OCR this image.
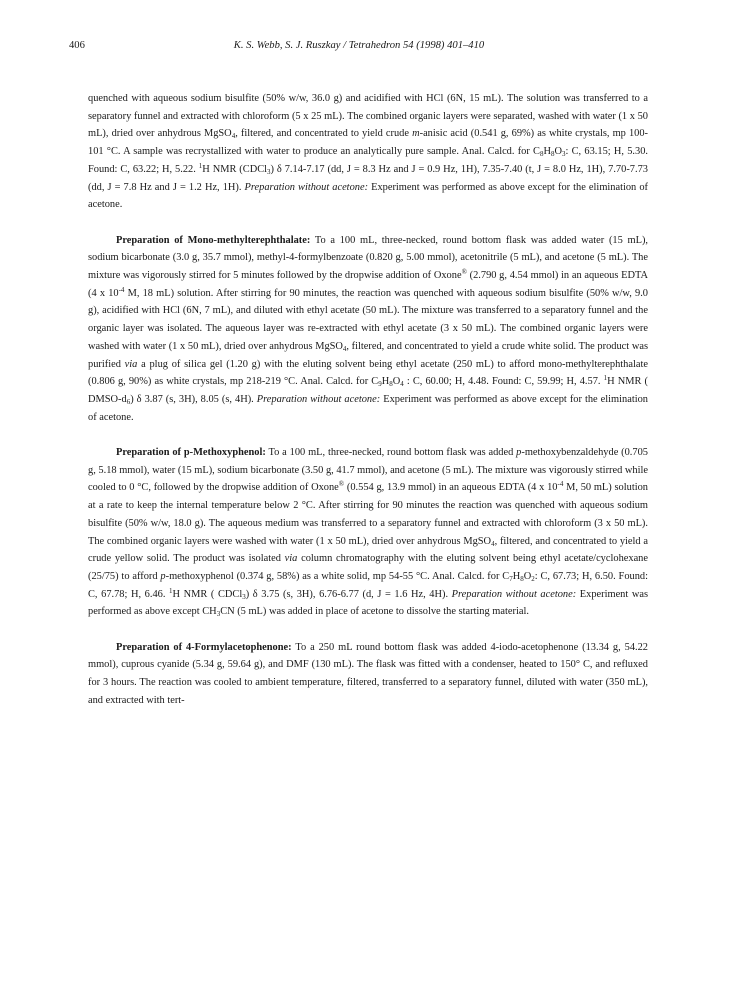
406	K. S. Webb, S. J. Ruszkay / Tetrahedron 54 (1998) 401–410

quenched with aqueous sodium bisulfite (50% w/w, 36.0 g) and acidified with HCl (6N, 15 mL). The solution was transferred to a separatory funnel and extracted with chloroform (5 x 25 mL). The combined organic layers were separated, washed with water (1 x 50 mL), dried over anhydrous MgSO$_4$, filtered, and concentrated to yield crude m-anisic acid (0.541 g, 69%) as white crystals, mp 100-101 °C. A sample was recrystallized with water to produce an analytically pure sample. Anal. Calcd. for $C_8H_8O_3$: C, 63.15; H, 5.30. Found: C, 63.22; H, 5.22. $^1$H NMR (CDCl$_3$) δ 7.14-7.17 (dd, J = 8.3 Hz and J = 0.9 Hz, 1H), 7.35-7.40 (t, J = 8.0 Hz, 1H), 7.70-7.73 (dd, J = 7.8 Hz and J = 1.2 Hz, 1H). Preparation without acetone: Experiment was performed as above except for the elimination of acetone.

Preparation of Mono-methylterephthalate: To a 100 mL, three-necked, round bottom flask was added water (15 mL), sodium bicarbonate (3.0 g, 35.7 mmol), methyl-4-formylbenzoate (0.820 g, 5.00 mmol), acetonitrile (5 mL), and acetone (5 mL). The mixture was vigorously stirred for 5 minutes followed by the dropwise addition of Oxone® (2.790 g, 4.54 mmol) in an aqueous EDTA (4 x $10^{-4}$ M, 18 mL) solution. After stirring for 90 minutes, the reaction was quenched with aqueous sodium bisulfite (50% w/w, 9.0 g), acidified with HCl (6N, 7 mL), and diluted with ethyl acetate (50 mL). The mixture was transferred to a separatory funnel and the organic layer was isolated. The aqueous layer was re-extracted with ethyl acetate (3 x 50 mL). The combined organic layers were washed with water (1 x 50 mL), dried over anhydrous MgSO$_4$, filtered, and concentrated to yield a crude white solid. The product was purified via a plug of silica gel (1.20 g) with the eluting solvent being ethyl acetate (250 mL) to afford mono-methylterephthalate (0.806 g, 90%) as white crystals, mp 218-219 °C. Anal. Calcd. for $C_9H_8O_4$ : C, 60.00; H, 4.48. Found: C, 59.99; H, 4.57. $^1$H NMR ( DMSO-$d_6$) δ 3.87 (s, 3H), 8.05 (s, 4H). Preparation without acetone: Experiment was performed as above except for the elimination of acetone.

Preparation of p-Methoxyphenol: To a 100 mL, three-necked, round bottom flask was added p-methoxybenzaldehyde (0.705 g, 5.18 mmol), water (15 mL), sodium bicarbonate (3.50 g, 41.7 mmol), and acetone (5 mL). The mixture was vigorously stirred while cooled to 0 °C, followed by the dropwise addition of Oxone® (0.554 g, 13.9 mmol) in an aqueous EDTA (4 x $10^{-4}$ M, 50 mL) solution at a rate to keep the internal temperature below 2 °C. After stirring for 90 minutes the reaction was quenched with aqueous sodium bisulfite (50% w/w, 18.0 g). The aqueous medium was transferred to a separatory funnel and extracted with chloroform (3 x 50 mL). The combined organic layers were washed with water (1 x 50 mL), dried over anhydrous MgSO$_4$, filtered, and concentrated to yield a crude yellow solid. The product was isolated via column chromatography with the eluting solvent being ethyl acetate/cyclohexane (25/75) to afford p-methoxyphenol (0.374 g, 58%) as a white solid, mp 54-55 °C. Anal. Calcd. for $C_7H_8O_2$: C, 67.73; H, 6.50. Found: C, 67.78; H, 6.46. $^1$H NMR ( CDCl$_3$) δ 3.75 (s, 3H), 6.76-6.77 (d, J = 1.6 Hz, 4H). Preparation without acetone: Experiment was performed as above except $CH_3CN$ (5 mL) was added in place of acetone to dissolve the starting material.

Preparation of 4-Formylacetophenone: To a 250 mL round bottom flask was added 4-iodo-acetophenone (13.34 g, 54.22 mmol), cuprous cyanide (5.34 g, 59.64 g), and DMF (130 mL). The flask was fitted with a condenser, heated to 150° C, and refluxed for 3 hours. The reaction was cooled to ambient temperature, filtered, transferred to a separatory funnel, diluted with water (350 mL), and extracted with tert-
